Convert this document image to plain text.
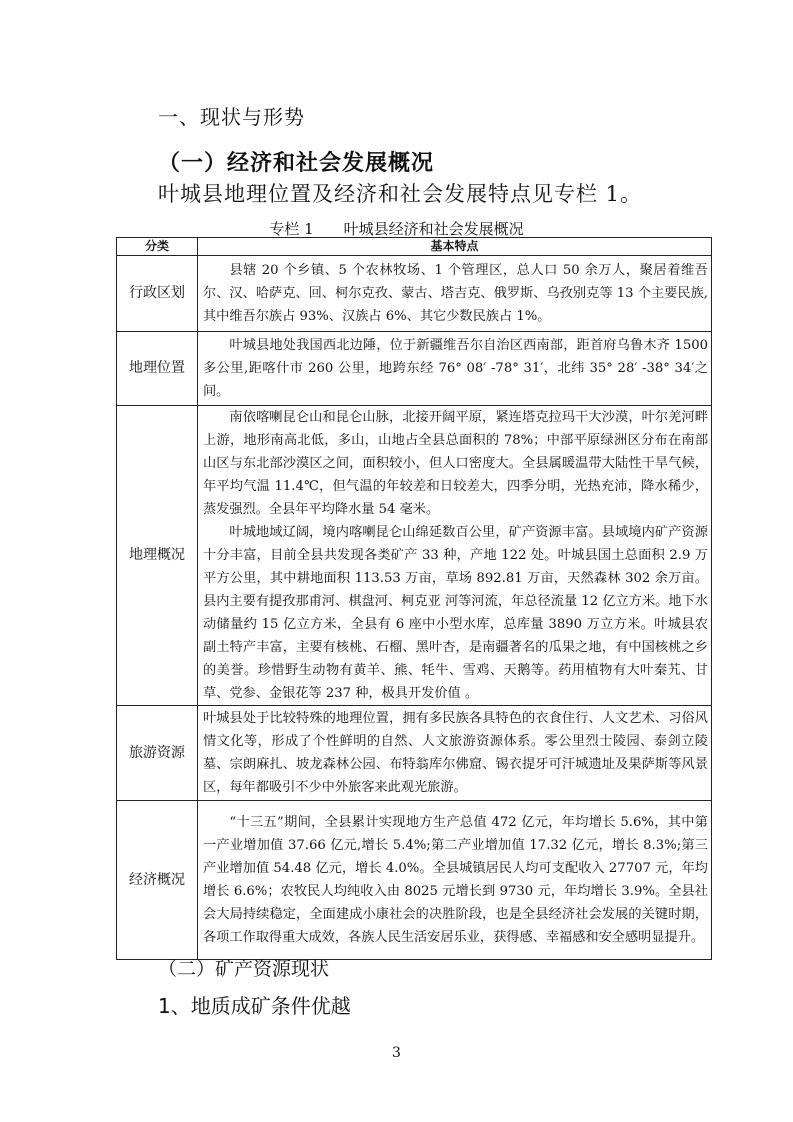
一、现状与形势
（一）经济和社会发展概况
叶城县地理位置及经济和社会发展特点见专栏 1。
专栏 1　　叶城县经济和社会发展概况
分类	基本特点
行政区划	县辖 20 个乡镇、5 个农林牧场、1 个管理区，总人口 50 余万人，聚居着维吾尔、汉、哈萨克、回、柯尔克孜、蒙古、塔吉克、俄罗斯、乌孜别克等 13 个主要民族,其中维吾尔族占 93%、汉族占 6%、其它少数民族占 1%。

地理位置	叶城县地处我国西北边陲，位于新疆维吾尔自治区西南部，距首府乌鲁木齐 1500 多公里,距喀什市 260 公里，地跨东经 76° 08′ -78° 31′，北纬 35° 28′ -38° 34′之间。

地理概况	南依喀喇昆仑山和昆仑山脉，北接开阔平原，紧连塔克拉玛干大沙漠，叶尔羌河畔上游，地形南高北低，多山，山地占全县总面积的 78%；中部平原绿洲区分布在南部山区与东北部沙漠区之间，面积较小，但人口密度大。全县属暖温带大陆性干旱气候，年平均气温 11.4℃，但气温的年较差和日较差大，四季分明，光热充沛，降水稀少，蒸发强烈。全县年平均降水量 54 毫米。

叶城地域辽阔，境内喀喇昆仑山绵延数百公里，矿产资源丰富。县域境内矿产资源十分丰富，目前全县共发现各类矿产 33 种，产地 122 处。叶城县国土总面积 2.9 万平方公里，其中耕地面积 113.53 万亩，草场 892.81 万亩，天然森林 302 余万亩。县内主要有提孜那甫河、棋盘河、柯克亚 河等河流，年总径流量 12 亿立方米。地下水动储量约 15 亿立方米，全县有 6 座中小型水库，总库量 3890 万立方米。叶城县农副土特产丰富，主要有核桃、石榴、黑叶杏，是南疆著名的瓜果之地，有中国核桃之乡的美誉。珍惜野生动物有黄羊、熊、牦牛、雪鸡、天鹅等。药用植物有大叶秦艽、甘草、党参、金银花等 237 种，极具开发价值 。

旅游资源	叶城县处于比较特殊的地理位置，拥有多民族各具特色的衣食住行、人文艺术、习俗风情文化等，形成了个性鲜明的自然、人文旅游资源体系。零公里烈士陵园、泰剑立陵墓、宗朗麻扎、坡龙森林公园、布特翁库尔佛窟、锡衣提牙可汗城遗址及果萨斯等风景区，每年都吸引不少中外旅客来此观光旅游。

经济概况	“十三五”期间，全县累计实现地方生产总值 472 亿元，年均增长 5.6%，其中第一产业增加值 37.66 亿元,增长 5.4%;第二产业增加值 17.32 亿元，增长 8.3%;第三产业增加值 54.48 亿元，增长 4.0%。全县城镇居民人均可支配收入 27707 元，年均增长 6.6%；农牧民人均纯收入由 8025 元增长到 9730 元，年均增长 3.9%。全县社会大局持续稳定，全面建成小康社会的决胜阶段，也是全县经济社会发展的关键时期，各项工作取得重大成效，各族人民生活安居乐业，获得感、幸福感和安全感明显提升。

（二）矿产资源现状
1、地质成矿条件优越
3
